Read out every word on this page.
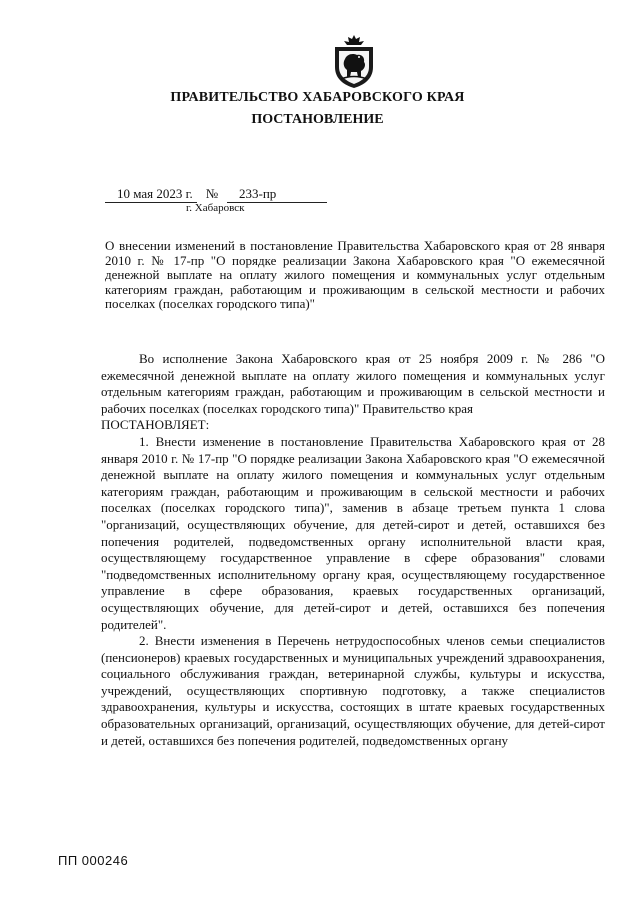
ПРАВИТЕЛЬСТВО ХАБАРОВСКОГО КРАЯ
ПОСТАНОВЛЕНИЕ
10 мая 2023 г. № 233-пр
г. Хабаровск
О внесении изменений в постановление Правительства Хабаровского края от 28 января 2010 г. № 17-пр "О порядке реализации Закона Хабаровского края "О ежемесячной денежной выплате на оплату жилого помещения и коммунальных услуг отдельным категориям граждан, работающим и проживающим в сельской местности и рабочих поселках (поселках городского типа)"

Во исполнение Закона Хабаровского края от 25 ноября 2009 г. № 286 "О ежемесячной денежной выплате на оплату жилого помещения и коммунальных услуг отдельным категориям граждан, работающим и проживающим в сельской местности и рабочих поселках (поселках городского типа)" Правительство края

ПОСТАНОВЛЯЕТ:

1. Внести изменение в постановление Правительства Хабаровского края от 28 января 2010 г. № 17-пр "О порядке реализации Закона Хабаровского края "О ежемесячной денежной выплате на оплату жилого помещения и коммунальных услуг отдельным категориям граждан, работающим и проживающим в сельской местности и рабочих поселках (поселках городского типа)", заменив в абзаце третьем пункта 1 слова "организаций, осуществляющих обучение, для детей-сирот и детей, оставшихся без попечения родителей, подведомственных органу исполнительной власти края, осуществляющему государственное управление в сфере образования" словами "подведомственных исполнительному органу края, осуществляющему государственное управление в сфере образования, краевых государственных организаций, осуществляющих обучение, для детей-сирот и детей, оставшихся без попечения родителей".

2. Внести изменения в Перечень нетрудоспособных членов семьи специалистов (пенсионеров) краевых государственных и муниципальных учреждений здравоохранения, социального обслуживания граждан, ветеринарной службы, культуры и искусства, учреждений, осуществляющих спортивную подготовку, а также специалистов здравоохранения, культуры и искусства, состоящих в штате краевых государственных образовательных организаций, организаций, осуществляющих обучение, для детей-сирот и детей, оставшихся без попечения родителей, подведомственных органу

ПП 000246
